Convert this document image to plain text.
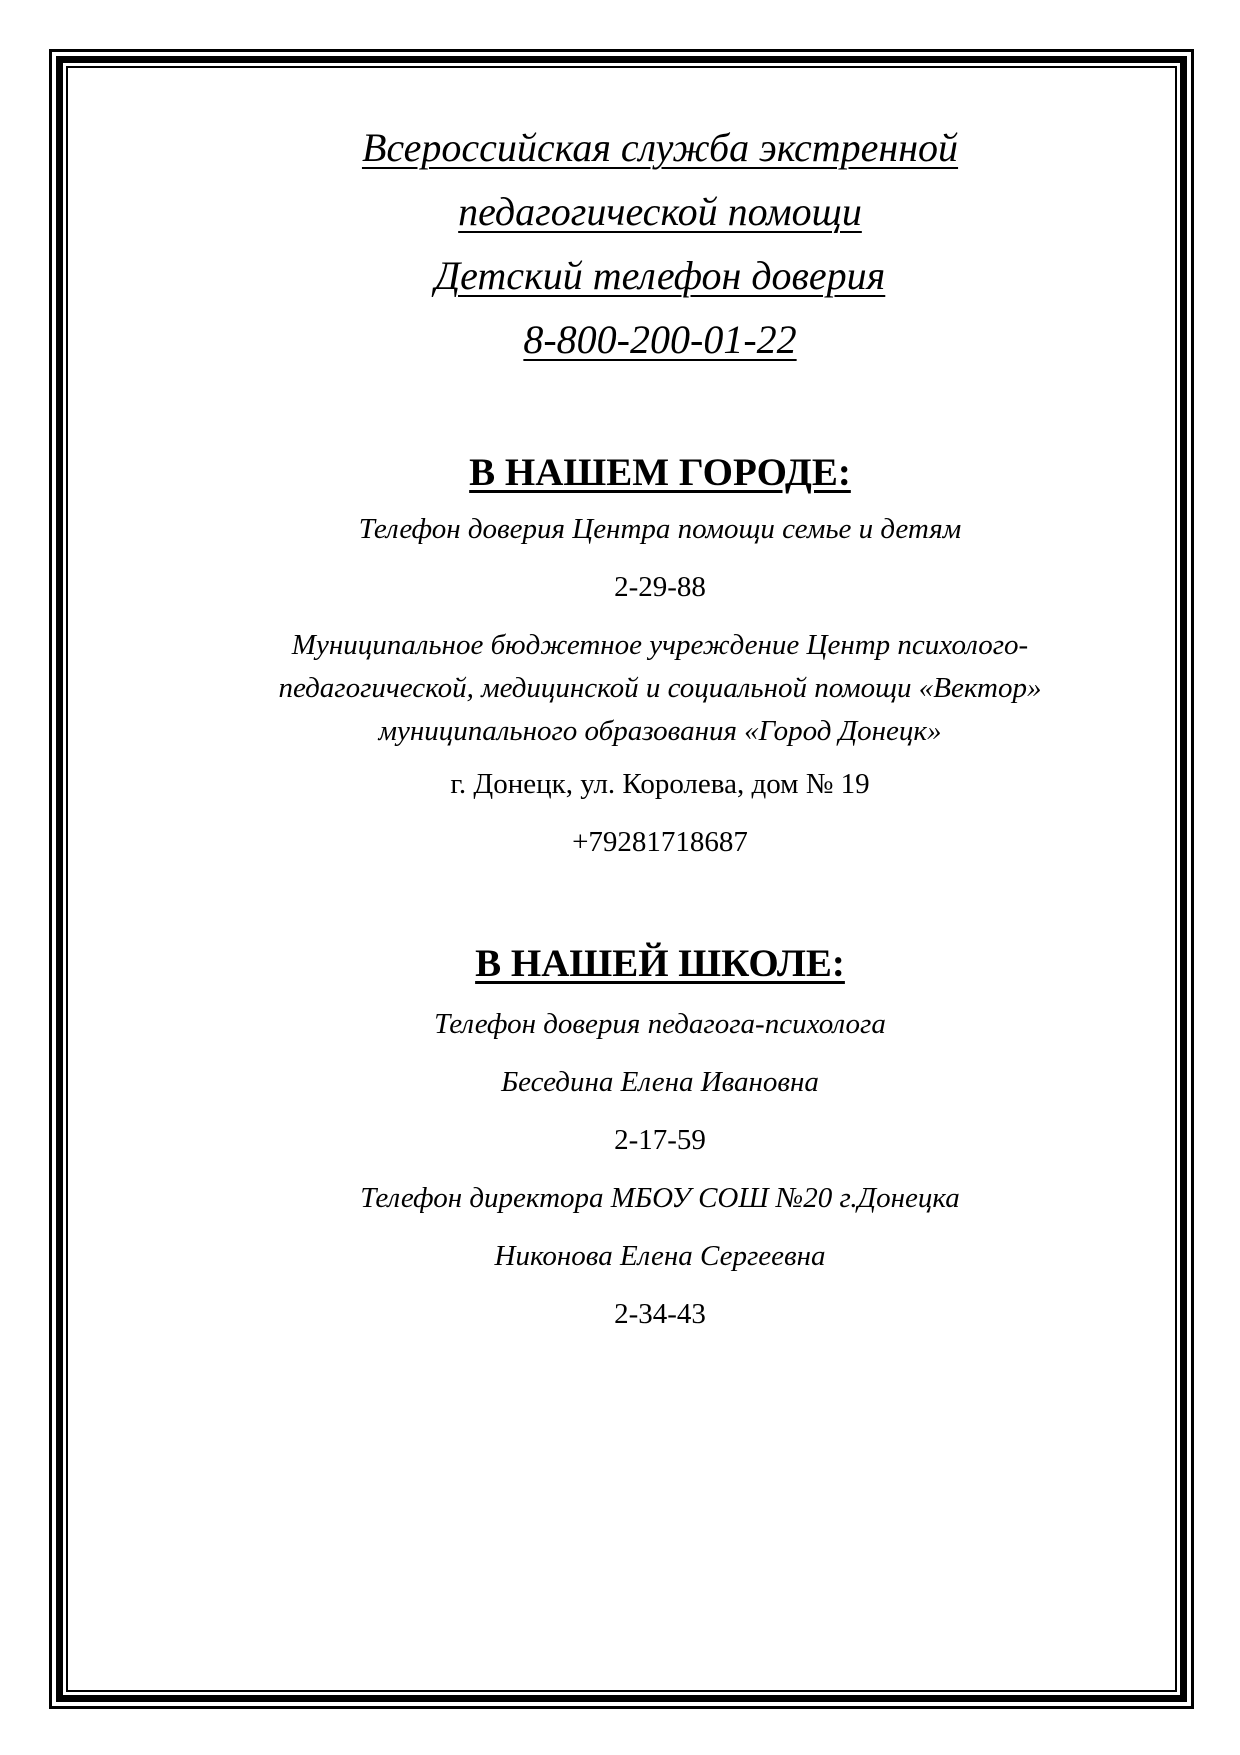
Всероссийская служба экстренной
педагогической помощи
Детский телефон доверия
8-800-200-01-22
В НАШЕМ ГОРОДЕ:
Телефон доверия Центра помощи семье и детям
2-29-88
Муниципальное бюджетное учреждение Центр психолого-
педагогической, медицинской и социальной помощи «Вектор»
муниципального образования «Город Донецк»
г. Донецк, ул. Королева, дом № 19
+79281718687
В НАШЕЙ ШКОЛЕ:
Телефон доверия педагога-психолога
Беседина Елена Ивановна
2-17-59
Телефон директора МБОУ СОШ №20 г.Донецка
Никонова Елена Сергеевна
2-34-43
